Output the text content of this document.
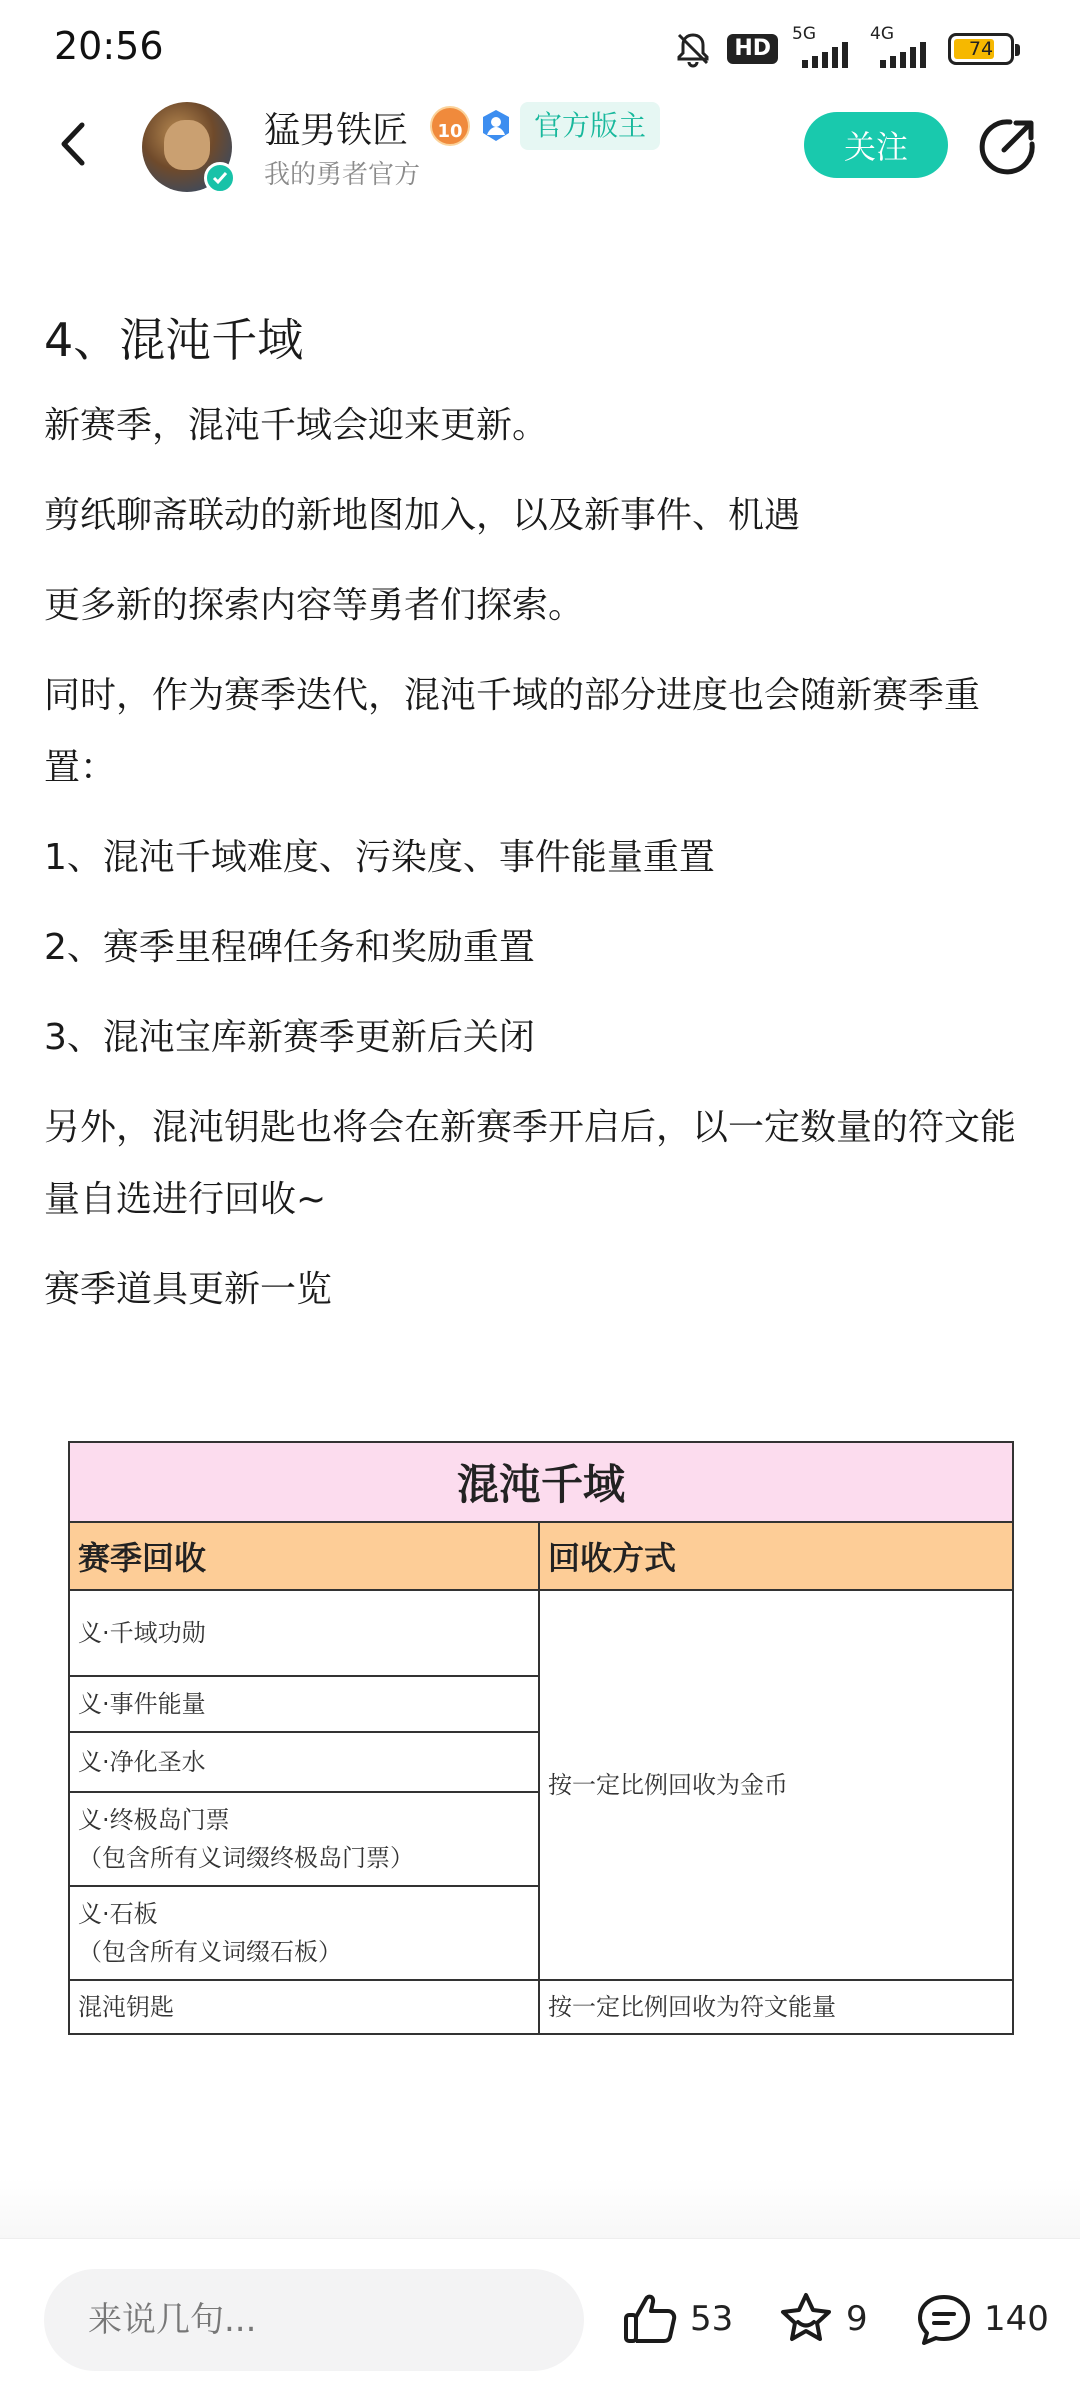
20:56	HD
5G	4G
74
猛男铁匠 10	官方版主
我的勇者官方
关注
4、混沌千域

新赛季，混沌千域会迎来更新。

剪纸聊斋联动的新地图加入，以及新事件、机遇

更多新的探索内容等勇者们探索。

同时，作为赛季迭代，混沌千域的部分进度也会随新赛季重置：

1、混沌千域难度、污染度、事件能量重置

2、赛季里程碑任务和奖励重置

3、混沌宝库新赛季更新后关闭

另外，混沌钥匙也将会在新赛季开启后，以一定数量的符文能量自选进行回收~

赛季道具更新一览

混沌千域	
赛季回收	回收方式
义·千域功勋	按一定比例回收为金币
义·事件能量	
义·净化圣水	

义·终极岛门票
（包含所有义词缀终极岛门票）	

义·石板
（包含所有义词缀石板）	

混沌钥匙	按一定比例回收为符文能量
来说几句...	53	9	140
